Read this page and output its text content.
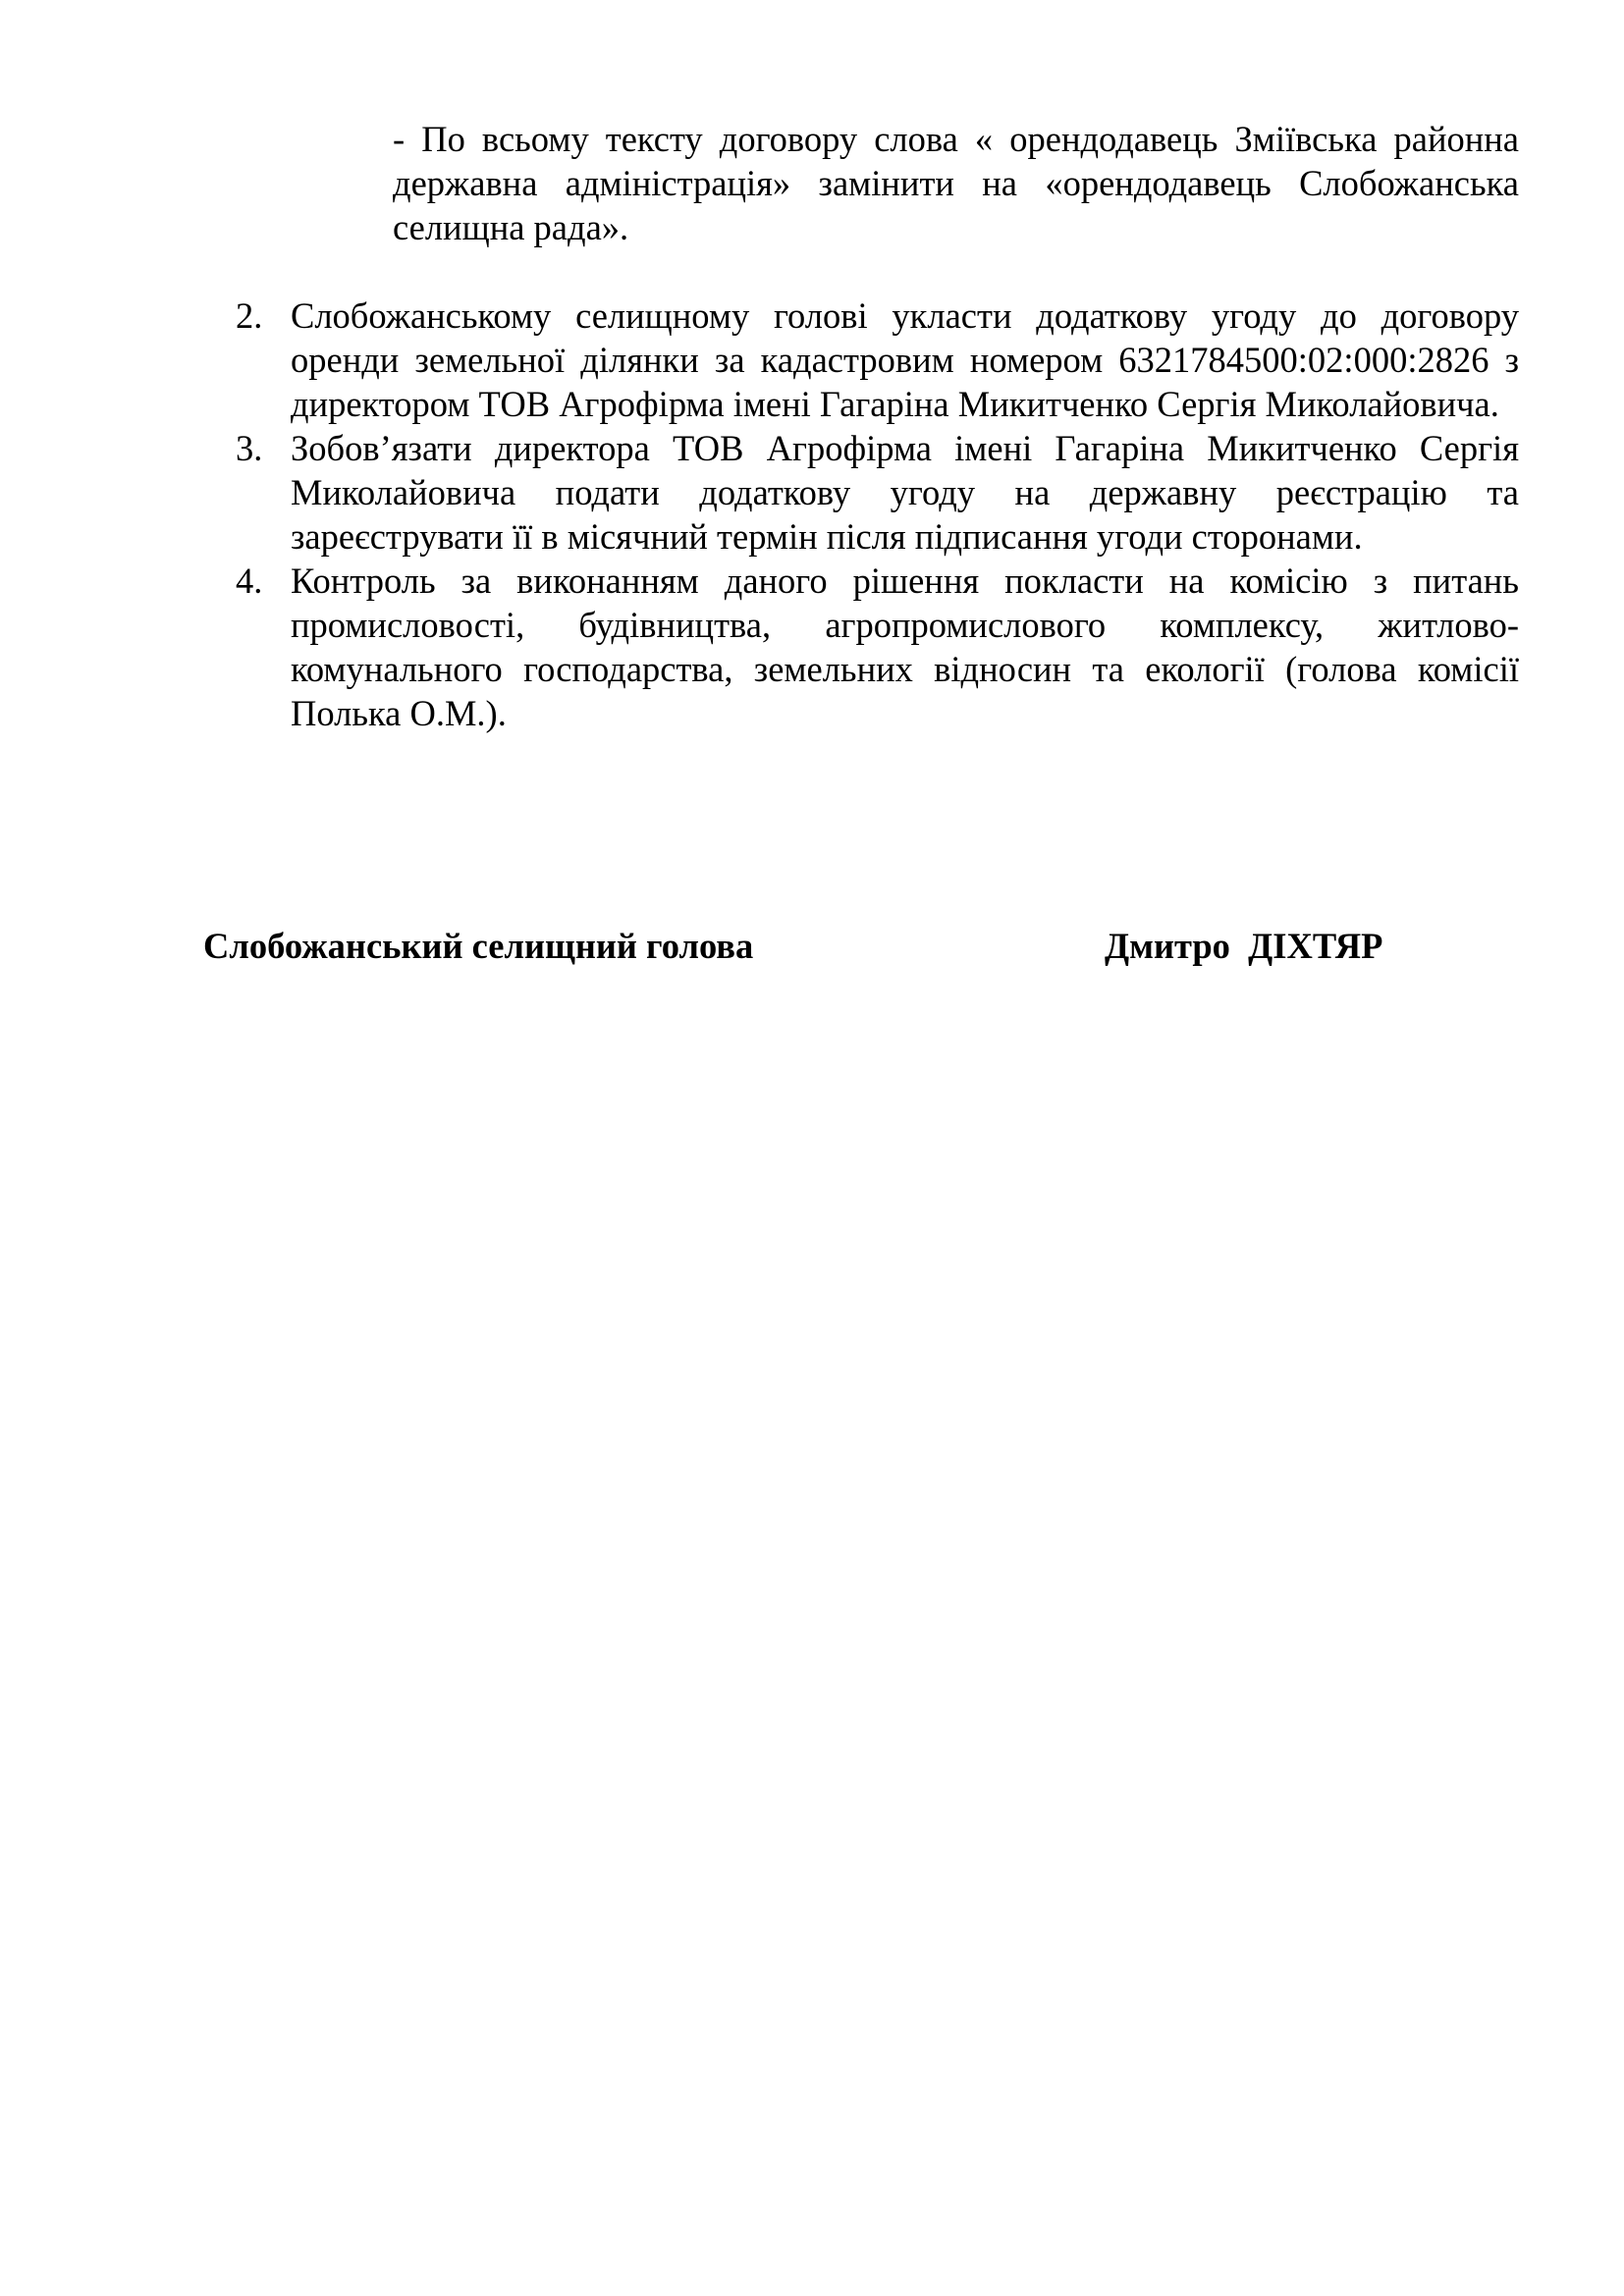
- По всьому тексту договору слова « орендодавець Зміївська районна державна адміністрація» замінити на «орендодавець Слобожанська селищна рада».

2. Слобожанському селищному голові укласти додаткову угоду до договору оренди земельної ділянки за кадастровим номером 6321784500:02:000:2826 з директором ТОВ Агрофірма імені Гагаріна Микитченко Сергія Миколайовича.
3. Зобов’язати директора ТОВ Агрофірма імені Гагаріна Микитченко Сергія Миколайовича подати додаткову угоду на державну реєстрацію та зареєструвати її в місячний термін після підписання угоди сторонами.
4. Контроль за виконанням даного рішення покласти на комісію з питань промисловості, будівництва, агропромислового комплексу, житлово-комунального господарства, земельних відносин та екології (голова комісії Полька О.М.).
Слобожанський селищний голова	Дмитро  ДІХТЯР
